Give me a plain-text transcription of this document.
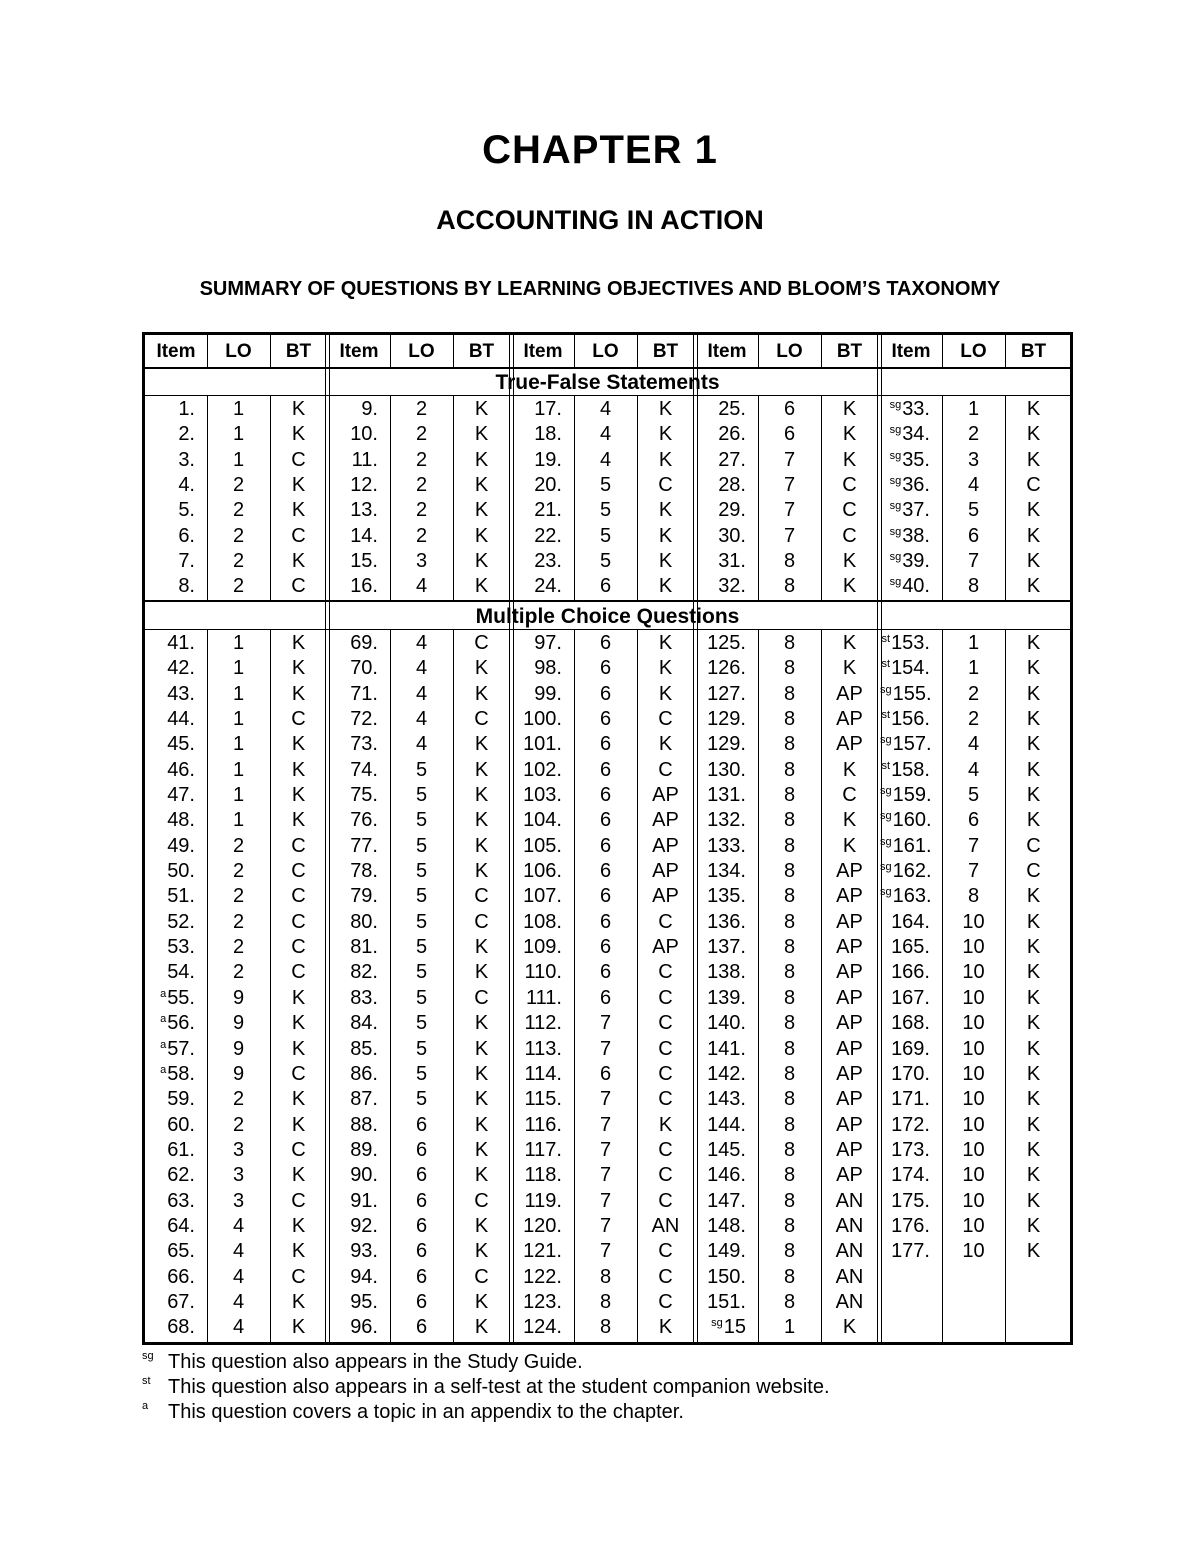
CHAPTER 1
ACCOUNTING IN ACTION
SUMMARY OF QUESTIONS BY LEARNING OBJECTIVES AND BLOOM’S TAXONOMY
Item	LO	BT	Item	LO	BT	Item	LO	BT	Item	LO	BT	Item	LO	BT
True-False Statements
1.	1	K	9.	2	K	17.	4	K	25.	6	K	$^{sg}$33.	1	K
2.	1	K	10.	2	K	18.	4	K	26.	6	K	$^{sg}$34.	2	K
3.	1	C	11.	2	K	19.	4	K	27.	7	K	$^{sg}$35.	3	K
4.	2	K	12.	2	K	20.	5	C	28.	7	C	$^{sg}$36.	4	C
5.	2	K	13.	2	K	21.	5	K	29.	7	C	$^{sg}$37.	5	K
6.	2	C	14.	2	K	22.	5	K	30.	7	C	$^{sg}$38.	6	K
7.	2	K	15.	3	K	23.	5	K	31.	8	K	$^{sg}$39.	7	K
8.	2	C	16.	4	K	24.	6	K	32.	8	K	$^{sg}$40.	8	K
Multiple Choice Questions
41.	1	K	69.	4	C	97.	6	K	125.	8	K	$^{st}$153.	1	K
42.	1	K	70.	4	K	98.	6	K	126.	8	K	$^{st}$154.	1	K
43.	1	K	71.	4	K	99.	6	K	127.	8	AP	$^{sg}$155.	2	K
44.	1	C	72.	4	C	100.	6	C	129.	8	AP	$^{st}$156.	2	K
45.	1	K	73.	4	K	101.	6	K	129.	8	AP	$^{sg}$157.	4	K
46.	1	K	74.	5	K	102.	6	C	130.	8	K	$^{st}$158.	4	K
47.	1	K	75.	5	K	103.	6	AP	131.	8	C	$^{sg}$159.	5	K
48.	1	K	76.	5	K	104.	6	AP	132.	8	K	$^{sg}$160.	6	K
49.	2	C	77.	5	K	105.	6	AP	133.	8	K	$^{sg}$161.	7	C
50.	2	C	78.	5	K	106.	6	AP	134.	8	AP	$^{sg}$162.	7	C
51.	2	C	79.	5	C	107.	6	AP	135.	8	AP	$^{sg}$163.	8	K
52.	2	C	80.	5	C	108.	6	C	136.	8	AP	164.	10	K
53.	2	C	81.	5	K	109.	6	AP	137.	8	AP	165.	10	K
54.	2	C	82.	5	K	110.	6	C	138.	8	AP	166.	10	K
$^a$55.	9	K	83.	5	C	111.	6	C	139.	8	AP	167.	10	K
$^a$56.	9	K	84.	5	K	112.	7	C	140.	8	AP	168.	10	K
$^a$57.	9	K	85.	5	K	113.	7	C	141.	8	AP	169.	10	K
$^a$58.	9	C	86.	5	K	114.	6	C	142.	8	AP	170.	10	K
59.	2	K	87.	5	K	115.	7	C	143.	8	AP	171.	10	K
60.	2	K	88.	6	K	116.	7	K	144.	8	AP	172.	10	K
61.	3	C	89.	6	K	117.	7	C	145.	8	AP	173.	10	K
62.	3	K	90.	6	K	118.	7	C	146.	8	AP	174.	10	K
63.	3	C	91.	6	C	119.	7	C	147.	8	AN	175.	10	K
64.	4	K	92.	6	K	120.	7	AN	148.	8	AN	176.	10	K
65.	4	K	93.	6	K	121.	7	C	149.	8	AN	177.	10	K
66.	4	C	94.	6	C	122.	8	C	150.	8	AN
67.	4	K	95.	6	K	123.	8	C	151.	8	AN
68.	4	K	96.	6	K	124.	8	K	$^{sg}$15	1	K
sg This question also appears in the Study Guide.
st This question also appears in a self-test at the student companion website.
a This question covers a topic in an appendix to the chapter.
